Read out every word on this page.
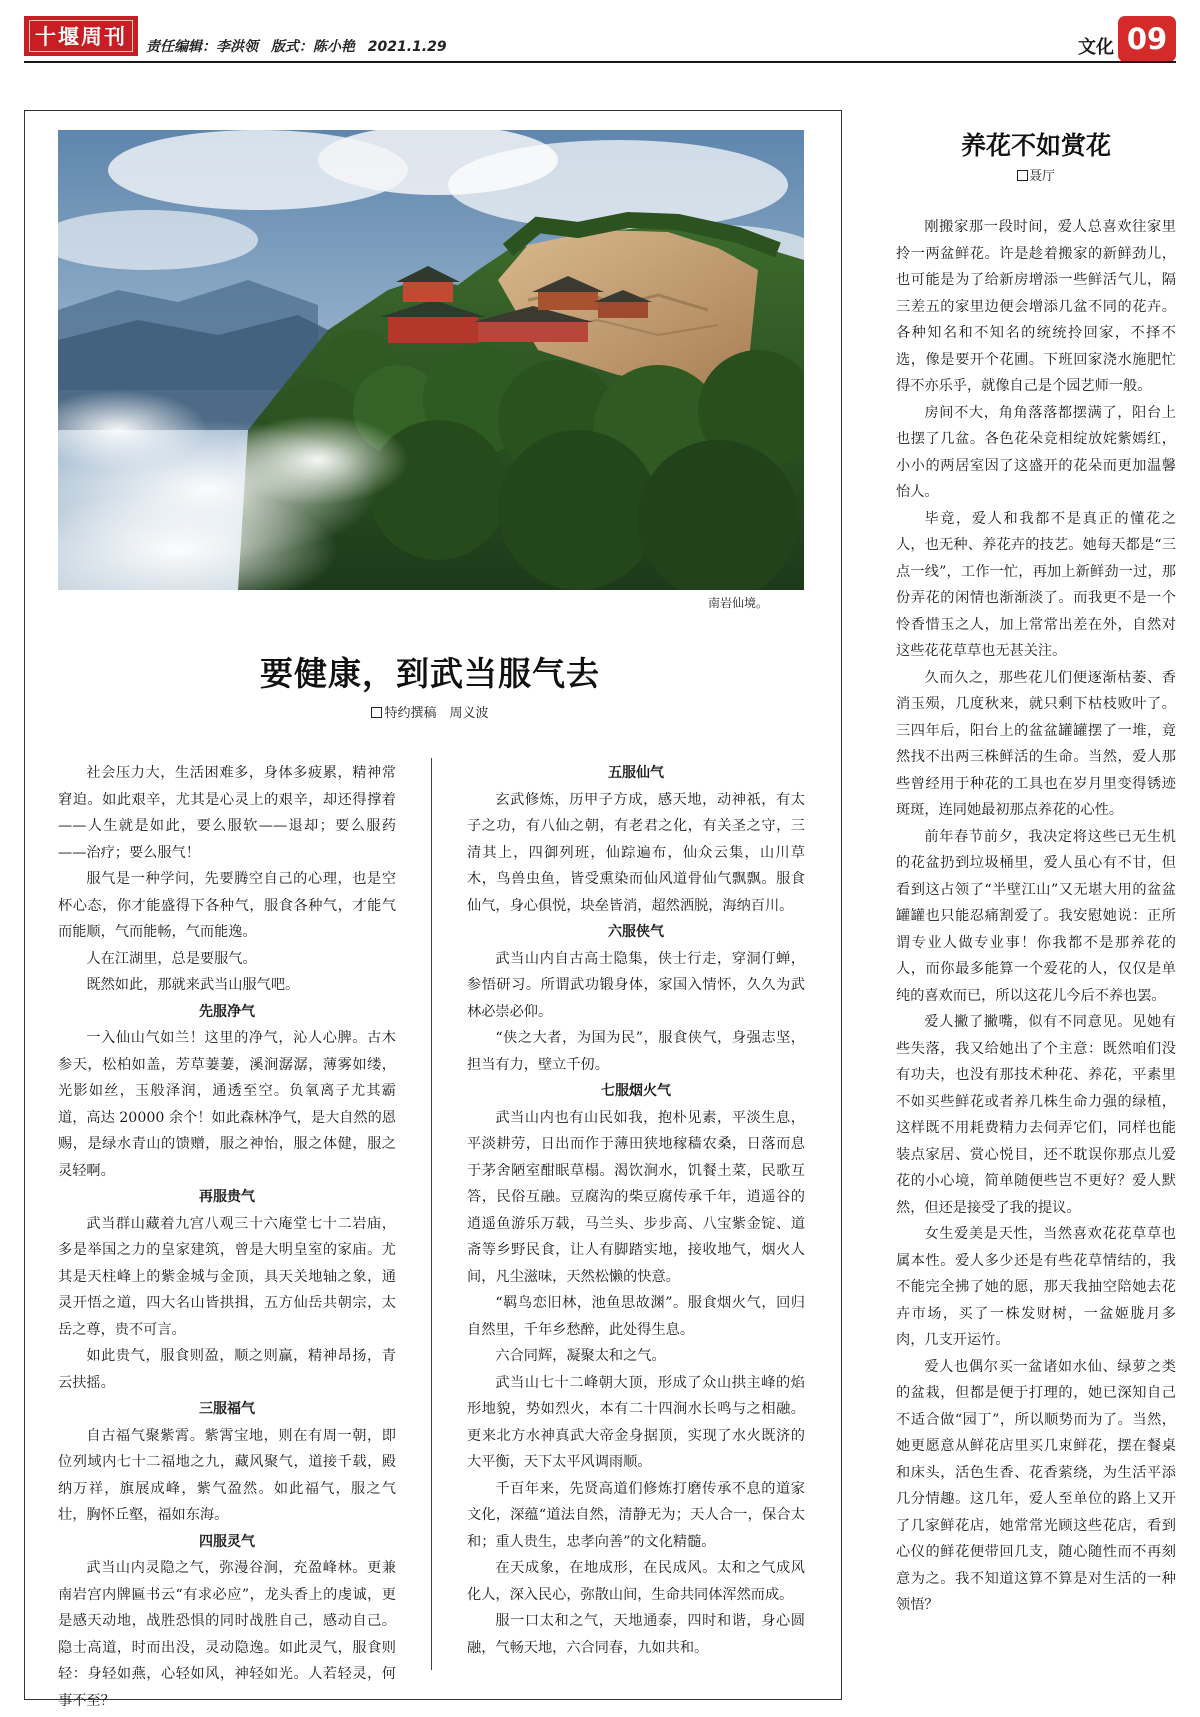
十堰周刊 责任编辑：李洪领 版式：陈小艳 2021.1.29	文化 09
南岩仙境。
要健康，到武当服气去
特约撰稿　周义波

社会压力大，生活困难多，身体多疲累，精神常窘迫。如此艰辛，尤其是心灵上的艰辛，却还得撑着——人生就是如此，要么服软——退却；要么服药——治疗；要么服气！

服气是一种学问，先要腾空自己的心理，也是空杯心态，你才能盛得下各种气，服食各种气，才能气而能顺，气而能畅，气而能逸。

人在江湖里，总是要服气。

既然如此，那就来武当山服气吧。

先服净气

一入仙山气如兰！这里的净气，沁人心脾。古木参天，松柏如盖，芳草萋萋，溪涧潺潺，薄雾如缕，光影如丝，玉般泽润，通透至空。负氧离子尤其霸道，高达 20000 余个！如此森林净气，是大自然的恩赐，是绿水青山的馈赠，服之神怡，服之体健，服之灵轻啊。

再服贵气

武当群山藏着九宫八观三十六庵堂七十二岩庙，多是举国之力的皇家建筑，曾是大明皇室的家庙。尤其是天柱峰上的紫金城与金顶，具天关地轴之象，通灵开悟之道，四大名山皆拱揖，五方仙岳共朝宗，太岳之尊，贵不可言。

如此贵气，服食则盈，顺之则赢，精神昂扬，青云扶摇。

三服福气

自古福气聚紫霄。紫霄宝地，则在有周一朝，即位列域内七十二福地之九，藏风聚气，道接千载，殿纳万祥，旗展成峰，紫气盈然。如此福气，服之气壮，胸怀丘壑，福如东海。

四服灵气

武当山内灵隐之气，弥漫谷涧，充盈峰林。更兼南岩宫内牌匾书云“有求必应”，龙头香上的虔诚，更是感天动地，战胜恐惧的同时战胜自己，感动自己。隐士高道，时而出没，灵动隐逸。如此灵气，服食则轻：身轻如燕，心轻如风，神轻如光。人若轻灵，何事不至？

五服仙气

玄武修炼，历甲子方成，感天地，动神祇，有太子之功，有八仙之朝，有老君之化，有关圣之守，三清其上，四御列班，仙踪遍布，仙众云集，山川草木，鸟兽虫鱼，皆受熏染而仙风道骨仙气飘飘。服食仙气，身心俱悦，块垒皆消，超然洒脱，海纳百川。

六服侠气

武当山内自古高士隐集，侠士行走，穿洞仃蝉，参悟研习。所谓武功锻身体，家国入情怀，久久为武林必崇必仰。

“侠之大者，为国为民”，服食侠气，身强志坚，担当有力，壁立千仞。

七服烟火气

武当山内也有山民如我，抱朴见素，平淡生息，平淡耕劳，日出而作于薄田狭地稼穑农桑，日落而息于茅舍陋室酣眠草榻。渴饮涧水，饥餐土菜，民歌互答，民俗互融。豆腐沟的柴豆腐传承千年，逍遥谷的逍遥鱼游乐万载，马兰头、步步高、八宝紫金锭、道斋等乡野民食，让人有脚踏实地，接收地气，烟火人间，凡尘滋味，天然松懒的快意。

“羁鸟恋旧林，池鱼思故渊”。服食烟火气，回归自然里，千年乡愁醉，此处得生息。

六合同辉，凝聚太和之气。

武当山七十二峰朝大顶，形成了众山拱主峰的焰形地貌，势如烈火，本有二十四涧水长鸣与之相融。更来北方水神真武大帝金身据顶，实现了水火既济的大平衡，天下太平风调雨顺。

千百年来，先贤高道们修炼打磨传承不息的道家文化，深蕴“道法自然，清静无为；天人合一，保合太和；重人贵生，忠孝向善”的文化精髓。

在天成象，在地成形，在民成风。太和之气成风化人，深入民心，弥散山间，生命共同体浑然而成。

服一口太和之气，天地通泰，四时和谐，身心圆融，气畅天地，六合同春，九如共和。

养花不如赏花
聂厅

刚搬家那一段时间，爱人总喜欢往家里拎一两盆鲜花。许是趁着搬家的新鲜劲儿，也可能是为了给新房增添一些鲜活气儿，隔三差五的家里边便会增添几盆不同的花卉。各种知名和不知名的统统拎回家，不择不选，像是要开个花圃。下班回家浇水施肥忙得不亦乐乎，就像自己是个园艺师一般。

房间不大，角角落落都摆满了，阳台上也摆了几盆。各色花朵竞相绽放姹紫嫣红，小小的两居室因了这盛开的花朵而更加温馨怡人。

毕竟，爱人和我都不是真正的懂花之人，也无种、养花卉的技艺。她每天都是“三点一线”，工作一忙，再加上新鲜劲一过，那份弄花的闲情也渐渐淡了。而我更不是一个怜香惜玉之人，加上常常出差在外，自然对这些花花草草也无甚关注。

久而久之，那些花儿们便逐渐枯萎、香消玉殒，几度秋来，就只剩下枯枝败叶了。三四年后，阳台上的盆盆罐罐摆了一堆，竟然找不出两三株鲜活的生命。当然，爱人那些曾经用于种花的工具也在岁月里变得锈迹斑斑，连同她最初那点养花的心性。

前年春节前夕，我决定将这些已无生机的花盆扔到垃圾桶里，爱人虽心有不甘，但看到这占领了“半壁江山”又无堪大用的盆盆罐罐也只能忍痛割爱了。我安慰她说：正所谓专业人做专业事！你我都不是那养花的人，而你最多能算一个爱花的人，仅仅是单纯的喜欢而已，所以这花儿今后不养也罢。

爱人撇了撇嘴，似有不同意见。见她有些失落，我又给她出了个主意：既然咱们没有功夫，也没有那技术种花、养花，平素里不如买些鲜花或者养几株生命力强的绿植，这样既不用耗费精力去伺弄它们，同样也能装点家居、赏心悦目，还不耽误你那点儿爱花的小心境，简单随便些岂不更好？爱人默然，但还是接受了我的提议。

女生爱美是天性，当然喜欢花花草草也属本性。爱人多少还是有些花草情结的，我不能完全拂了她的愿，那天我抽空陪她去花卉市场，买了一株发财树，一盆姬胧月多肉，几支开运竹。

爱人也偶尔买一盆诸如水仙、绿萝之类的盆栽，但都是便于打理的，她已深知自己不适合做“园丁”，所以顺势而为了。当然，她更愿意从鲜花店里买几束鲜花，摆在餐桌和床头，活色生香、花香萦绕，为生活平添几分情趣。这几年，爱人至单位的路上又开了几家鲜花店，她常常光顾这些花店，看到心仪的鲜花便带回几支，随心随性而不再刻意为之。我不知道这算不算是对生活的一种领悟？
